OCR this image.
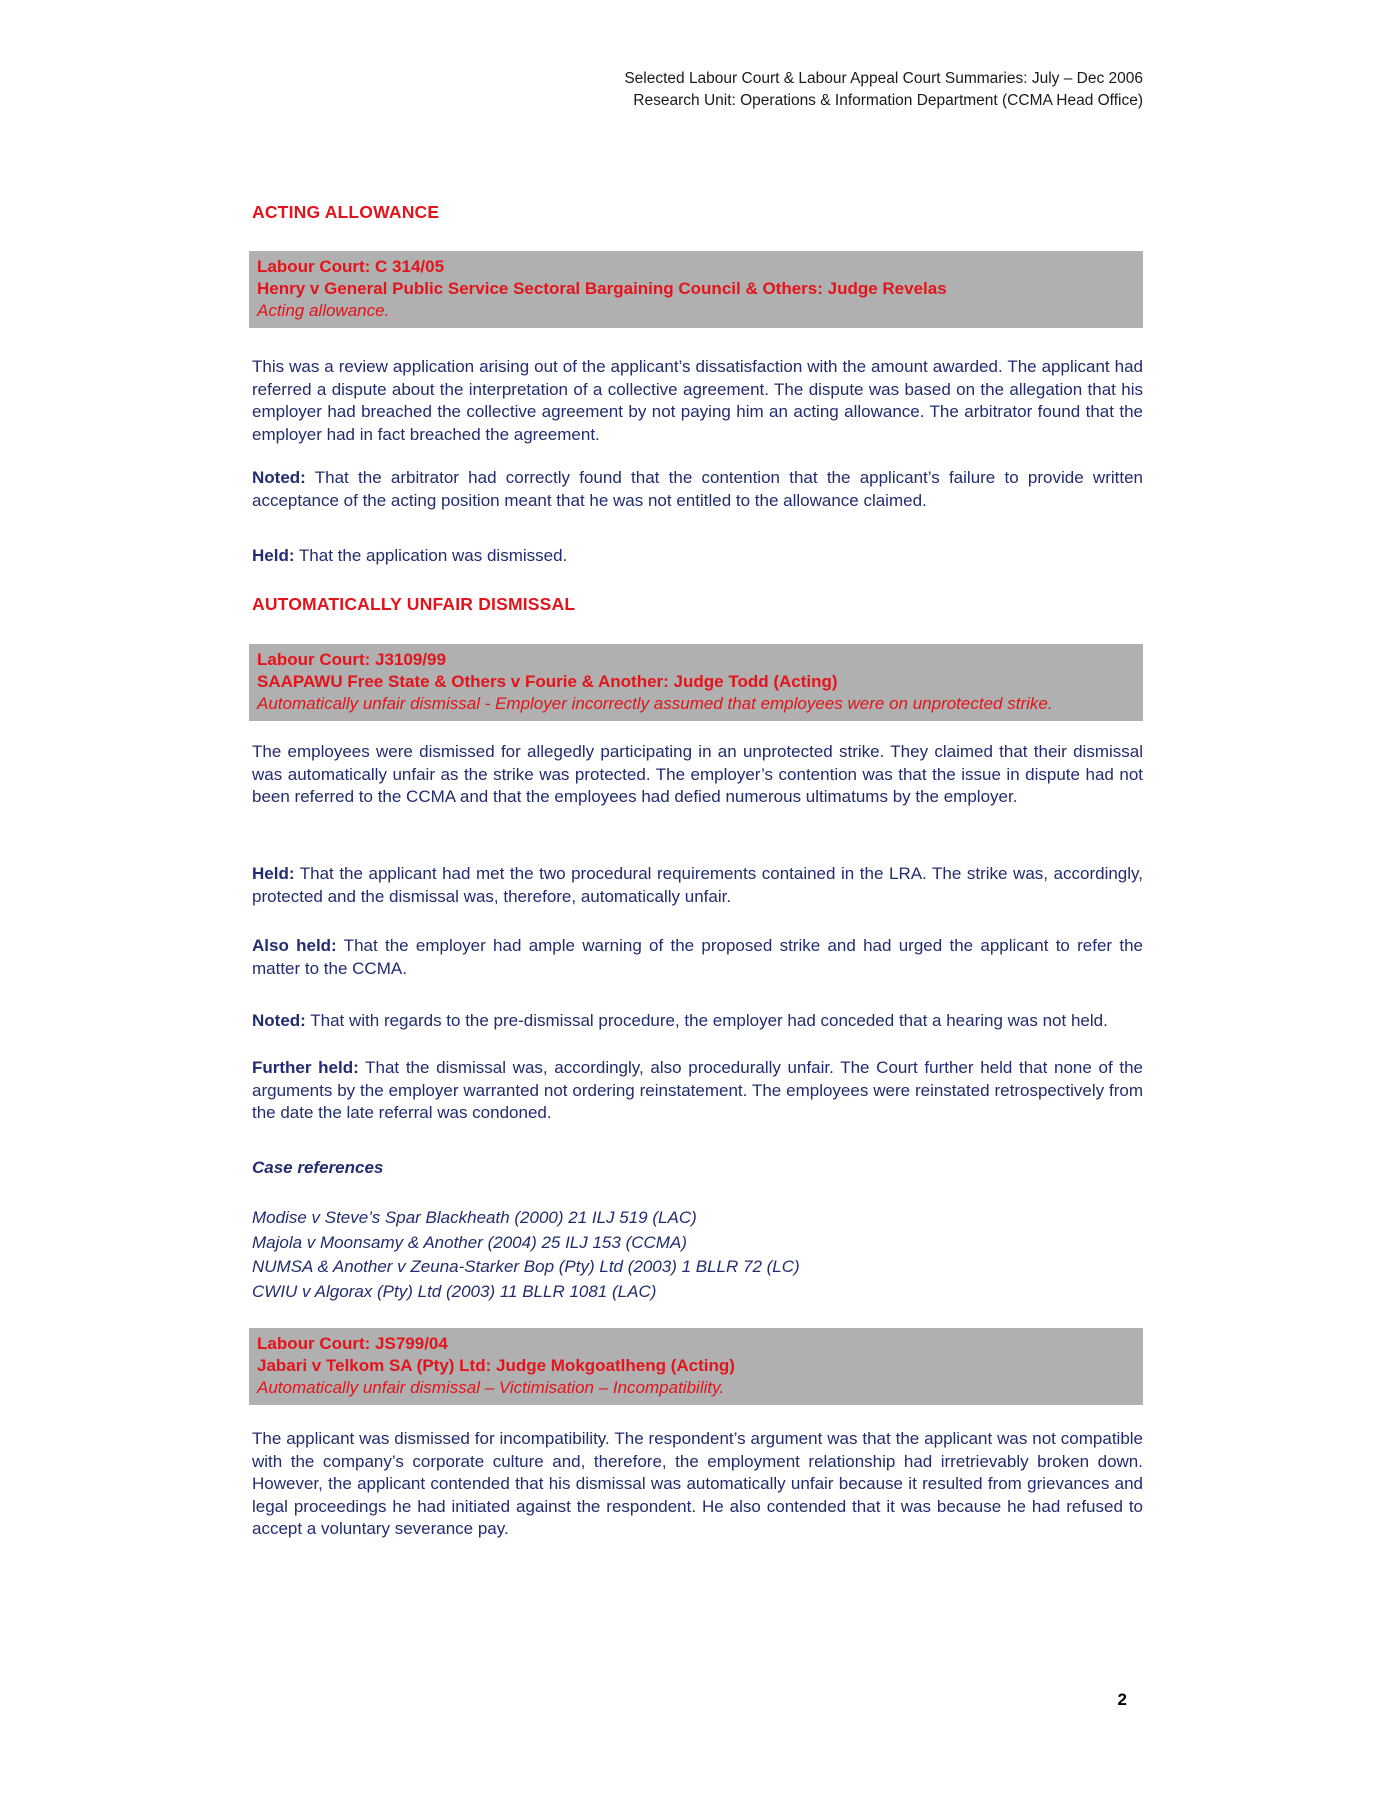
Selected Labour Court & Labour Appeal Court Summaries: July – Dec 2006
Research Unit: Operations & Information Department (CCMA Head Office)
ACTING ALLOWANCE
Labour Court: C 314/05
Henry v General Public Service Sectoral Bargaining Council & Others: Judge Revelas
Acting allowance.

This was a review application arising out of the applicant’s dissatisfaction with the amount awarded. The applicant had referred a dispute about the interpretation of a collective agreement. The dispute was based on the allegation that his employer had breached the collective agreement by not paying him an acting allowance. The arbitrator found that the employer had in fact breached the agreement.

Noted: That the arbitrator had correctly found that the contention that the applicant’s failure to provide written acceptance of the acting position meant that he was not entitled to the allowance claimed.

Held: That the application was dismissed.

AUTOMATICALLY UNFAIR DISMISSAL
Labour Court: J3109/99
SAAPAWU Free State & Others v Fourie & Another: Judge Todd (Acting)
Automatically unfair dismissal - Employer incorrectly assumed that employees were on unprotected strike.

The employees were dismissed for allegedly participating in an unprotected strike. They claimed that their dismissal was automatically unfair as the strike was protected. The employer’s contention was that the issue in dispute had not been referred to the CCMA and that the employees had defied numerous ultimatums by the employer.

Held: That the applicant had met the two procedural requirements contained in the LRA. The strike was, accordingly, protected and the dismissal was, therefore, automatically unfair.

Also held: That the employer had ample warning of the proposed strike and had urged the applicant to refer the matter to the CCMA.

Noted: That with regards to the pre-dismissal procedure, the employer had conceded that a hearing was not held.

Further held: That the dismissal was, accordingly, also procedurally unfair. The Court further held that none of the arguments by the employer warranted not ordering reinstatement. The employees were reinstated retrospectively from the date the late referral was condoned.

Case references
Modise v Steve’s Spar Blackheath (2000) 21 ILJ 519 (LAC)
Majola v Moonsamy & Another (2004) 25 ILJ 153 (CCMA)
NUMSA & Another v Zeuna-Starker Bop (Pty) Ltd (2003) 1 BLLR 72 (LC)
CWIU v Algorax (Pty) Ltd (2003) 11 BLLR 1081 (LAC)
Labour Court: JS799/04
Jabari v Telkom SA (Pty) Ltd: Judge Mokgoatlheng (Acting)
Automatically unfair dismissal – Victimisation – Incompatibility.

The applicant was dismissed for incompatibility. The respondent’s argument was that the applicant was not compatible with the company’s corporate culture and, therefore, the employment relationship had irretrievably broken down. However, the applicant contended that his dismissal was automatically unfair because it resulted from grievances and legal proceedings he had initiated against the respondent. He also contended that it was because he had refused to accept a voluntary severance pay.

2
